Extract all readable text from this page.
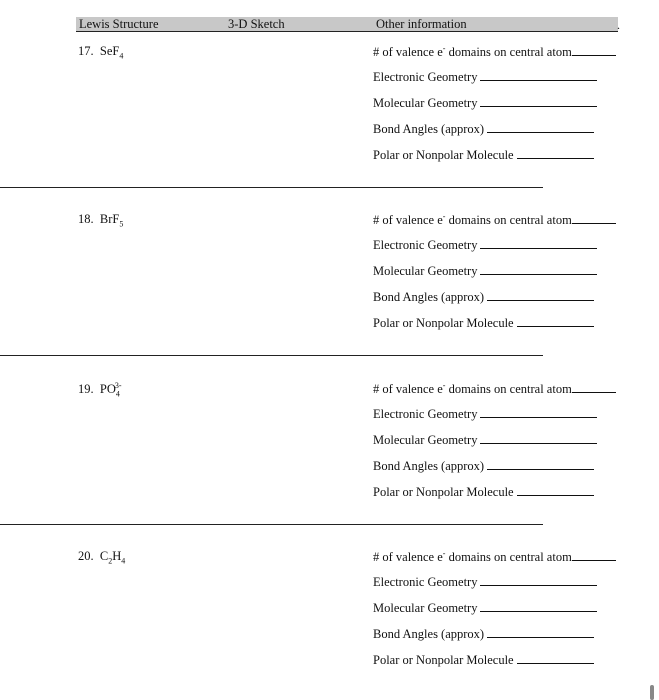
Lewis Structure	3-D Sketch	Other information	.
17. SeF$_4$	# of valence e- domains on central atom
Electronic Geometry
Molecular Geometry
Bond Angles (approx)
Polar or Nonpolar Molecule
18. BrF$_5$	# of valence e- domains on central atom
Electronic Geometry
Molecular Geometry
Bond Angles (approx)
Polar or Nonpolar Molecule
19. $PO_4^{3-}$	# of valence e- domains on central atom
Electronic Geometry
Molecular Geometry
Bond Angles (approx)
Polar or Nonpolar Molecule
20. $C_2H_4$	# of valence e- domains on central atom
Electronic Geometry
Molecular Geometry
Bond Angles (approx)
Polar or Nonpolar Molecule
